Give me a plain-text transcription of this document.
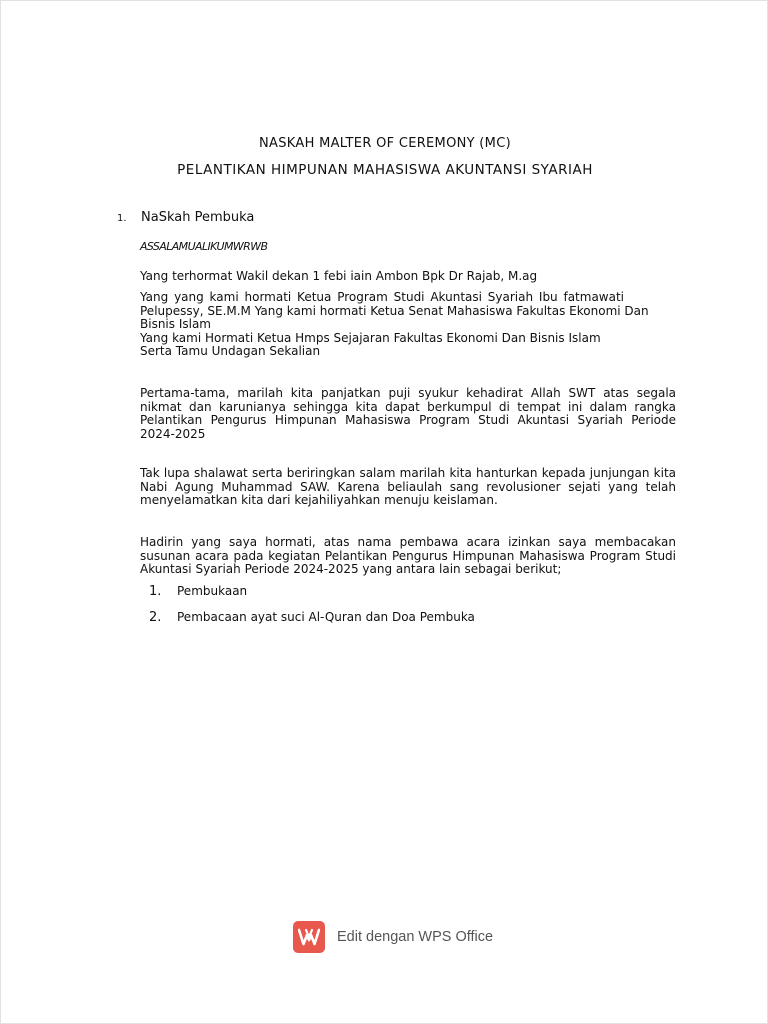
NASKAH MALTER OF CEREMONY (MC)
PELANTIKAN HIMPUNAN MAHASISWA AKUNTANSI SYARIAH
1. NaSkah Pembuka
ASSALAMUALIKUMWRWB
Yang terhormat Wakil dekan 1 febi iain Ambon Bpk Dr Rajab, M.ag
Yang yang kami hormati Ketua Program Studi Akuntasi Syariah Ibu fatmawati
Pelupessy, SE.M.M Yang kami hormati Ketua Senat Mahasiswa Fakultas Ekonomi Dan
Bisnis Islam
Yang kami Hormati Ketua Hmps Sejajaran Fakultas Ekonomi Dan Bisnis Islam
Serta Tamu Undagan Sekalian
Pertama-tama, marilah kita panjatkan puji syukur kehadirat Allah SWT atas segala nikmat dan karunianya sehingga kita dapat berkumpul di tempat ini dalam rangka Pelantikan Pengurus Himpunan Mahasiswa Program Studi Akuntasi Syariah Periode 2024-2025
Tak lupa shalawat serta beriringkan salam marilah kita hanturkan kepada junjungan kita Nabi Agung Muhammad SAW. Karena beliaulah sang revolusioner sejati yang telah menyelamatkan kita dari kejahiliyahkan menuju keislaman.
Hadirin yang saya hormati, atas nama pembawa acara izinkan saya membacakan susunan acara pada kegiatan Pelantikan Pengurus Himpunan Mahasiswa Program Studi Akuntasi Syariah Periode 2024-2025 yang antara lain sebagai berikut;
1. Pembukaan
2. Pembacaan ayat suci Al-Quran dan Doa Pembuka
Edit dengan WPS Office
